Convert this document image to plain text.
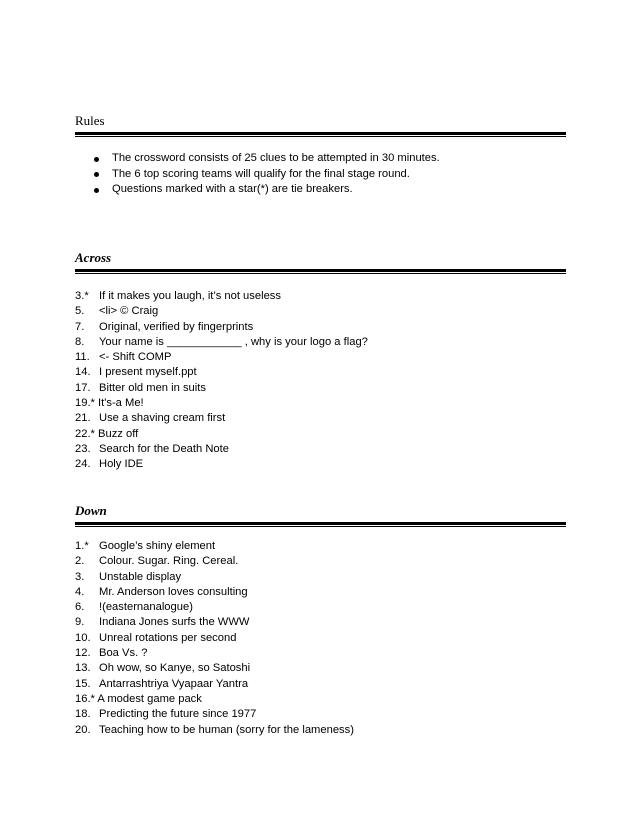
Rules
The crossword consists of 25 clues to be attempted in 30 minutes.
The 6 top scoring teams will qualify for the final stage round.
Questions marked with a star(*) are tie breakers.
Across
3.* If it makes you laugh, it’s not useless
5. <li> © Craig
7. Original, verified by fingerprints
8. Your name is ____________ , why is your logo a flag?
11. <- Shift COMP
14. I present myself.ppt
17. Bitter old men in suits
19.* It's-a Me!
21. Use a shaving cream first
22.* Buzz off
23. Search for the Death Note
24. Holy IDE
Down
1.* Google’s shiny element
2. Colour. Sugar. Ring. Cereal.
3. Unstable display
4. Mr. Anderson loves consulting
6. !(easternanalogue)
9. Indiana Jones surfs the WWW
10. Unreal rotations per second
12. Boa Vs. ?
13. Oh wow, so Kanye, so Satoshi
15. Antarrashtriya Vyapaar Yantra
16.* A modest game pack
18. Predicting the future since 1977
20. Teaching how to be human (sorry for the lameness)
